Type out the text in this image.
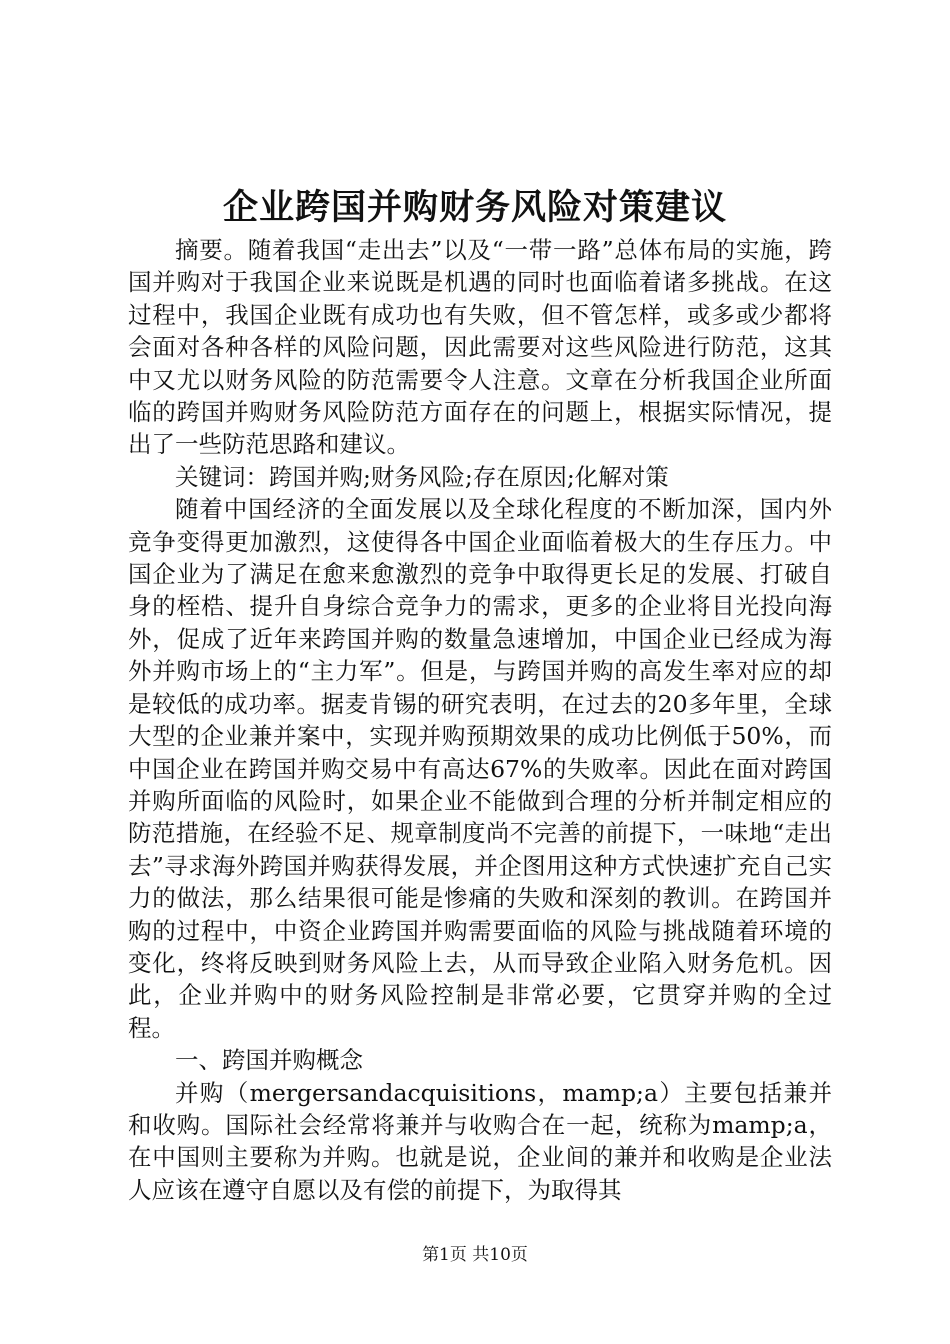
企业跨国并购财务风险对策建议

摘要。随着我国“走出去”以及“一带一路”总体布局的实施，跨国并购对于我国企业来说既是机遇的同时也面临着诸多挑战。在这过程中，我国企业既有成功也有失败，但不管怎样，或多或少都将会面对各种各样的风险问题，因此需要对这些风险进行防范，这其中又尤以财务风险的防范需要令人注意。文章在分析我国企业所面临的跨国并购财务风险防范方面存在的问题上，根据实际情况，提出了一些防范思路和建议。

关键词：跨国并购;财务风险;存在原因;化解对策

随着中国经济的全面发展以及全球化程度的不断加深，国内外竞争变得更加激烈，这使得各中国企业面临着极大的生存压力。中国企业为了满足在愈来愈激烈的竞争中取得更长足的发展、打破自身的桎梏、提升自身综合竞争力的需求，更多的企业将目光投向海外，促成了近年来跨国并购的数量急速增加，中国企业已经成为海外并购市场上的“主力军”。但是，与跨国并购的高发生率对应的却是较低的成功率。据麦肯锡的研究表明，在过去的20多年里，全球大型的企业兼并案中，实现并购预期效果的成功比例低于50%，而中国企业在跨国并购交易中有高达67%的失败率。因此在面对跨国并购所面临的风险时，如果企业不能做到合理的分析并制定相应的防范措施，在经验不足、规章制度尚不完善的前提下，一味地“走出去”寻求海外跨国并购获得发展，并企图用这种方式快速扩充自己实力的做法，那么结果很可能是惨痛的失败和深刻的教训。在跨国并购的过程中，中资企业跨国并购需要面临的风险与挑战随着环境的变化，终将反映到财务风险上去，从而导致企业陷入财务危机。因此，企业并购中的财务风险控制是非常必要，它贯穿并购的全过程。

一、跨国并购概念

并购（mergersandacquisitions，mamp;a）主要包括兼并和收购。国际社会经常将兼并与收购合在一起，统称为mamp;a，在中国则主要称为并购。也就是说，企业间的兼并和收购是企业法人应该在遵守自愿以及有偿的前提下，为取得其

第1页 共10页
